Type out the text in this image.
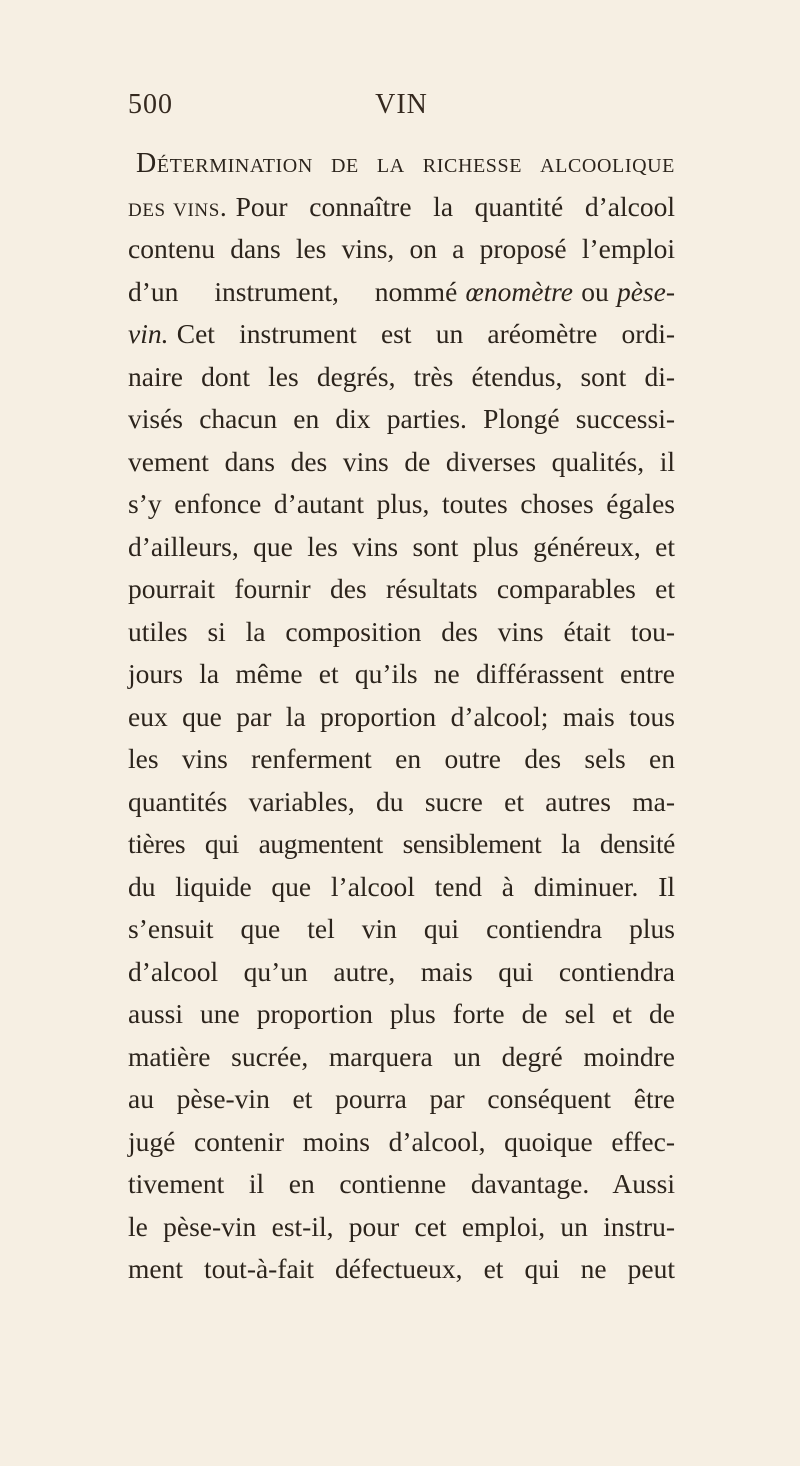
500	VIN
Détermination de la richesse alcoolique
des vins. Pour connaître la quantité d’alcool
contenu dans les vins, on a proposé l’emploi
d’un instrument, nommé œnomètre ou pèse-
vin. Cet instrument est un aréomètre ordi-
naire dont les degrés, très étendus, sont di-
visés chacun en dix parties. Plongé successi-
vement dans des vins de diverses qualités, il
s’y enfonce d’autant plus, toutes choses égales
d’ailleurs, que les vins sont plus généreux, et
pourrait fournir des résultats comparables et
utiles si la composition des vins était tou-
jours la même et qu’ils ne différassent entre
eux que par la proportion d’alcool; mais tous
les vins renferment en outre des sels en
quantités variables, du sucre et autres ma-
tières qui augmentent sensiblement la densité
du liquide que l’alcool tend à diminuer. Il
s’ensuit que tel vin qui contiendra plus
d’alcool qu’un autre, mais qui contiendra
aussi une proportion plus forte de sel et de
matière sucrée, marquera un degré moindre
au pèse-vin et pourra par conséquent être
jugé contenir moins d’alcool, quoique effec-
tivement il en contienne davantage. Aussi
le pèse-vin est-il, pour cet emploi, un instru-
ment tout-à-fait défectueux, et qui ne peut
